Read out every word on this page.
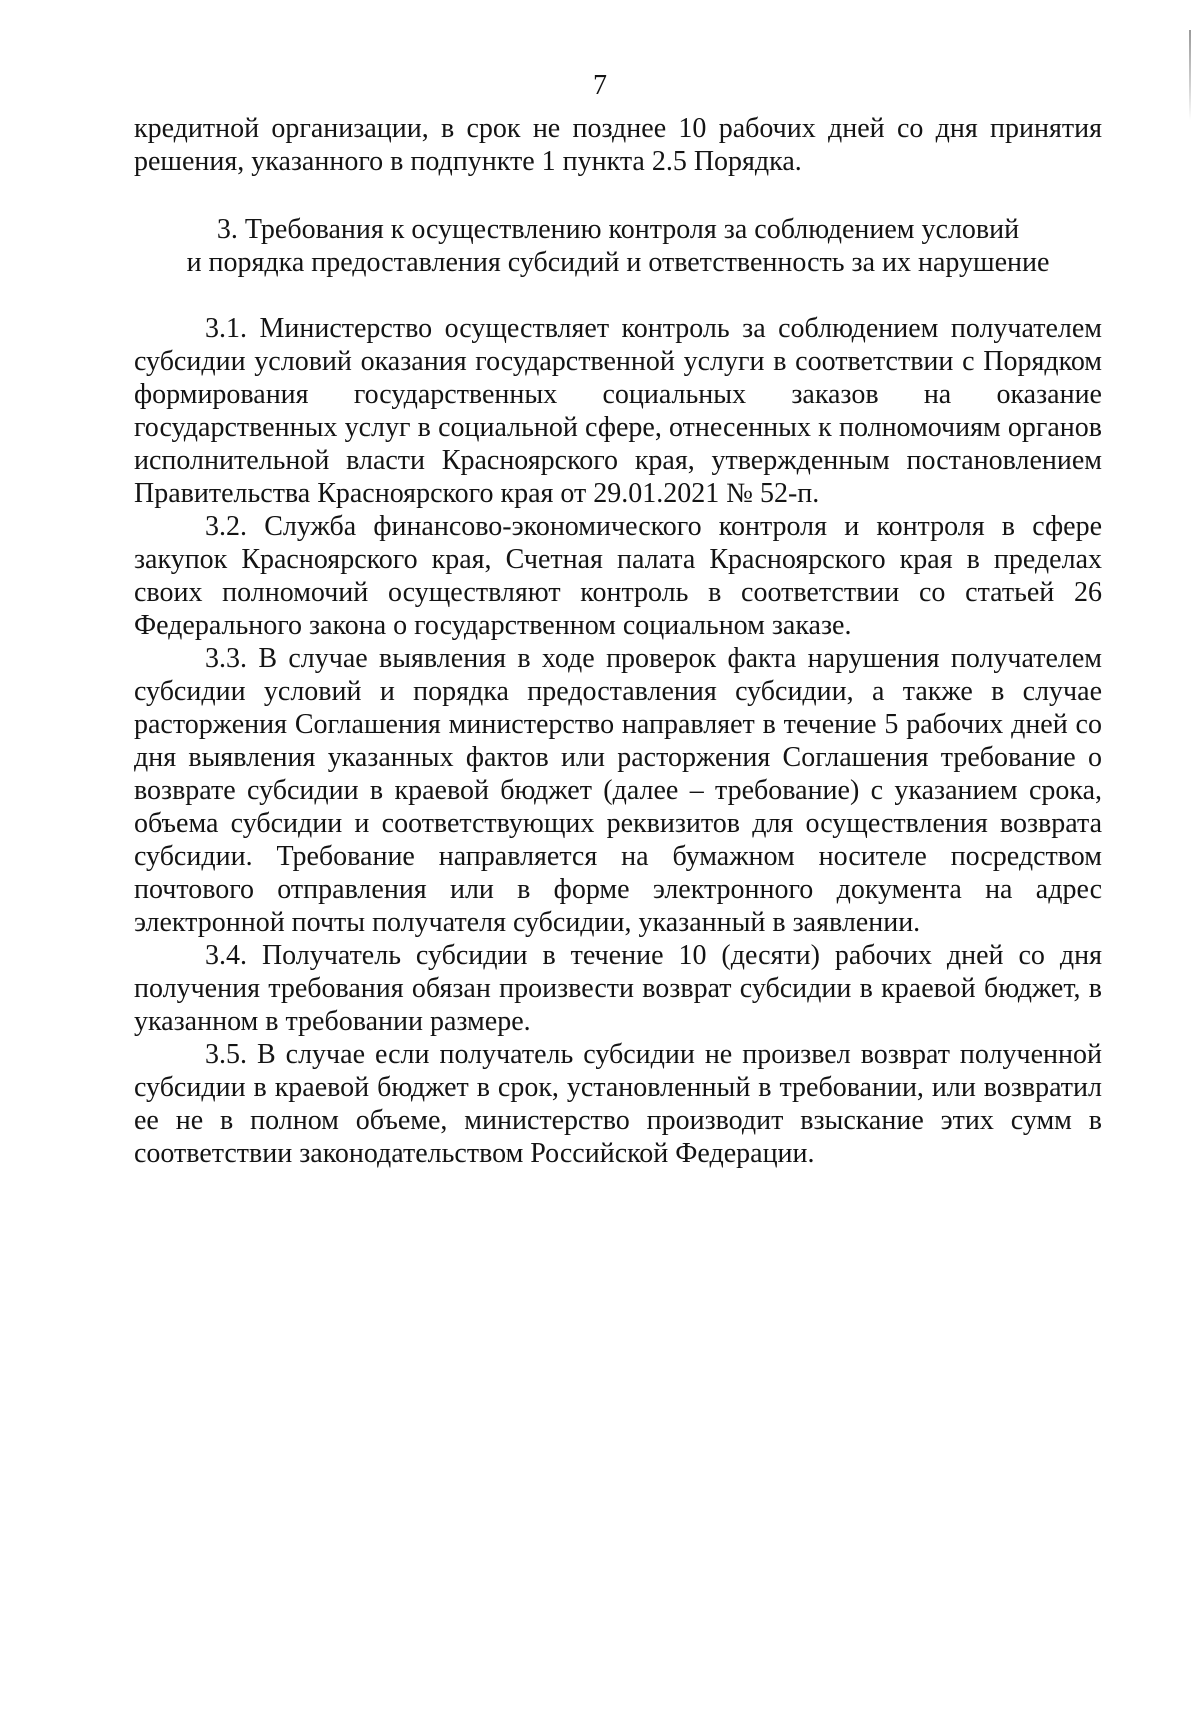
7

кредитной организации, в срок не позднее 10 рабочих дней со дня принятия решения, указанного в подпункте 1 пункта 2.5 Порядка.

3. Требования к осуществлению контроля за соблюдением условий
и порядка предоставления субсидий и ответственность за их нарушение

3.1. Министерство осуществляет контроль за соблюдением получателем субсидии условий оказания государственной услуги в соответствии с Порядком формирования государственных социальных заказов на оказание государственных услуг в социальной сфере, отнесенных к полномочиям органов исполнительной власти Красноярского края, утвержденным постановлением Правительства Красноярского края от 29.01.2021 № 52-п.

3.2. Служба финансово-экономического контроля и контроля в сфере закупок Красноярского края, Счетная палата Красноярского края в пределах своих полномочий осуществляют контроль в соответствии со статьей 26 Федерального закона о государственном социальном заказе.

3.3. В случае выявления в ходе проверок факта нарушения получателем субсидии условий и порядка предоставления субсидии, а также в случае расторжения Соглашения министерство направляет в течение 5 рабочих дней со дня выявления указанных фактов или расторжения Соглашения требование о возврате субсидии в краевой бюджет (далее – требование) с указанием срока, объема субсидии и соответствующих реквизитов для осуществления возврата субсидии. Требование направляется на бумажном носителе посредством почтового отправления или в форме электронного документа на адрес электронной почты получателя субсидии, указанный в заявлении.

3.4. Получатель субсидии в течение 10 (десяти) рабочих дней со дня получения требования обязан произвести возврат субсидии в краевой бюджет, в указанном в требовании размере.

3.5. В случае если получатель субсидии не произвел возврат полученной субсидии в краевой бюджет в срок, установленный в требовании, или возвратил ее не в полном объеме, министерство производит взыскание этих сумм в соответствии законодательством Российской Федерации.
